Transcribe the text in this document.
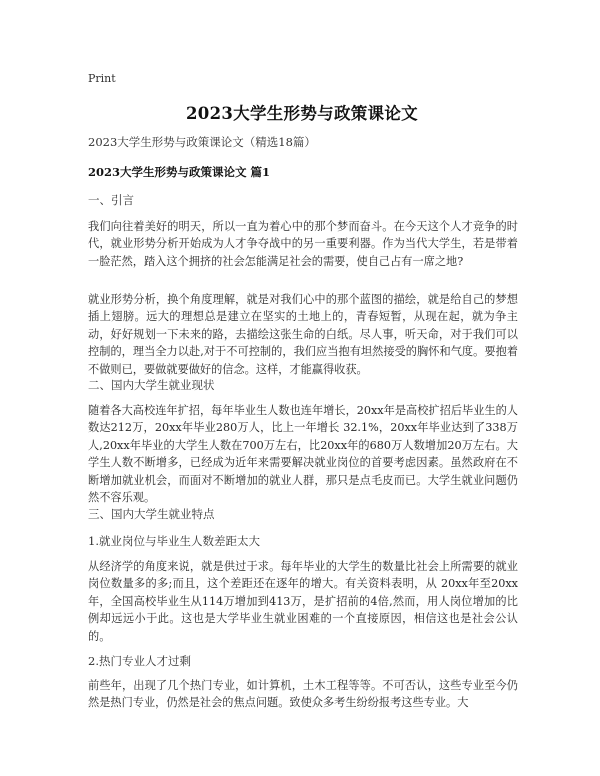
Print
2023大学生形势与政策课论文
2023大学生形势与政策课论文（精选18篇）
2023大学生形势与政策课论文 篇1
一、引言
我们向往着美好的明天，所以一直为着心中的那个梦而奋斗。在今天这个人才竞争的时代，就业形势分析开始成为人才争夺战中的另一重要利器。作为当代大学生，若是带着一脸茫然，踏入这个拥挤的社会怎能满足社会的需要，使自己占有一席之地?
就业形势分析，换个角度理解，就是对我们心中的那个蓝图的描绘，就是给自己的梦想插上翅膀。远大的理想总是建立在坚实的土地上的，青春短暂，从现在起，就为争主动，好好规划一下未来的路，去描绘这张生命的白纸。尽人事，听天命，对于我们可以控制的，理当全力以赴,对于不可控制的，我们应当抱有坦然接受的胸怀和气度。要抱着不做则已，要做就要做好的信念。这样，才能赢得收获。
二、国内大学生就业现状
随着各大高校连年扩招，每年毕业生人数也连年增长，20xx年是高校扩招后毕业生的人数达212万，20xx年毕业280万人，比上一年增长 32.1%，20xx年毕业达到了338万人,20xx年毕业的大学生人数在700万左右，比20xx年的680万人数增加20万左右。大学生人数不断增多，已经成为近年来需要解决就业岗位的首要考虑因素。虽然政府在不断增加就业机会，而面对不断增加的就业人群，那只是点毛皮而已。大学生就业问题仍然不容乐观。
三、国内大学生就业特点
1.就业岗位与毕业生人数差距太大
从经济学的角度来说，就是供过于求。每年毕业的大学生的数量比社会上所需要的就业岗位数量多的多;而且，这个差距还在逐年的增大。有关资料表明，从 20xx年至20xx年，全国高校毕业生从114万增加到413万，是扩招前的4倍,然而，用人岗位增加的比例却远远小于此。这也是大学毕业生就业困难的一个直接原因，相信这也是社会公认的。
2.热门专业人才过剩
前些年，出现了几个热门专业，如计算机，土木工程等等。不可否认，这些专业至今仍然是热门专业，仍然是社会的焦点问题。致使众多考生纷纷报考这些专业。大
